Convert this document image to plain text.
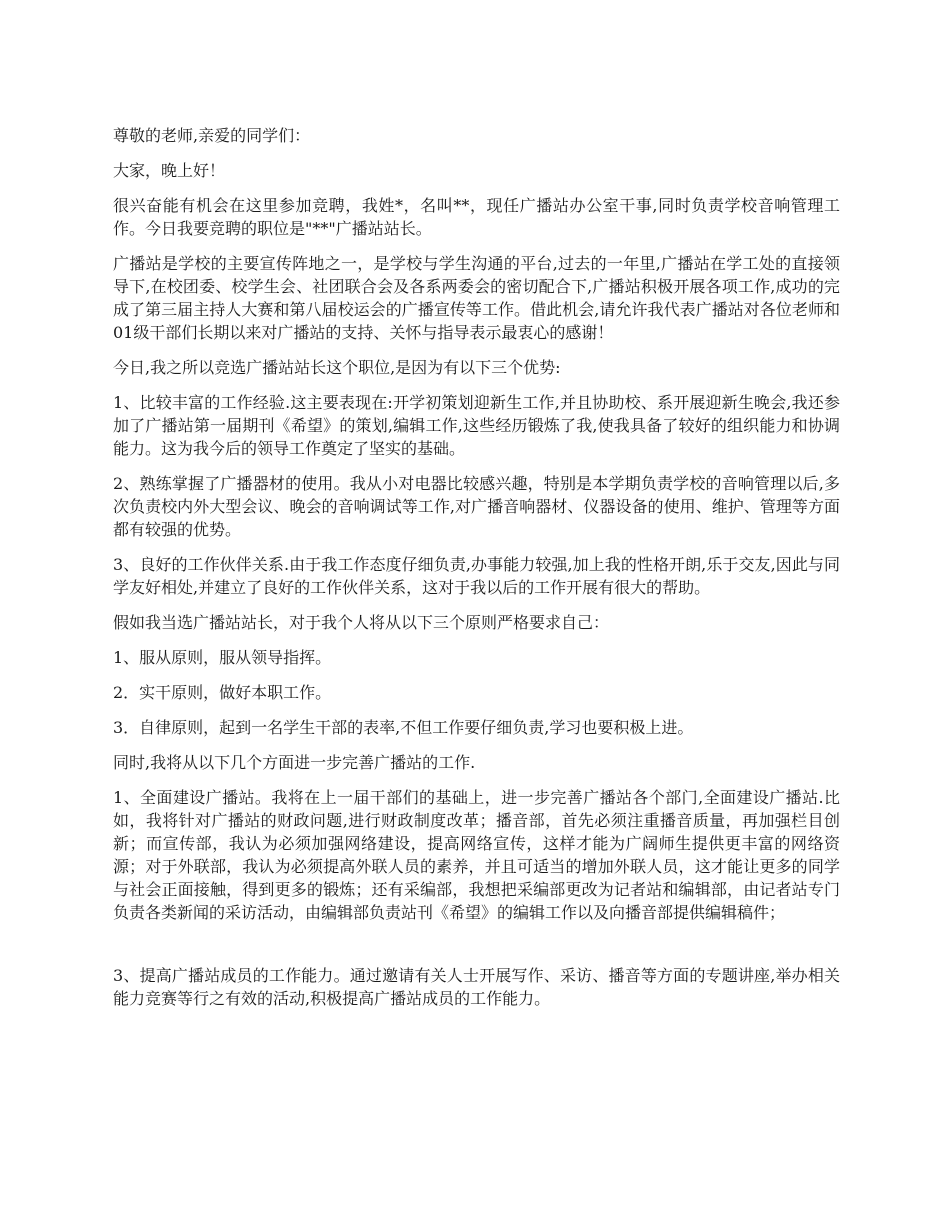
尊敬的老师,亲爱的同学们：

大家，晚上好！

很兴奋能有机会在这里参加竞聘，我姓*，名叫**，现任广播站办公室干事,同时负责学校音响管理工作。今日我要竞聘的职位是"**"广播站站长。

广播站是学校的主要宣传阵地之一，是学校与学生沟通的平台,过去的一年里,广播站在学工处的直接领导下,在校团委、校学生会、社团联合会及各系两委会的密切配合下,广播站积极开展各项工作,成功的完成了第三届主持人大赛和第八届校运会的广播宣传等工作。借此机会,请允许我代表广播站对各位老师和01级干部们长期以来对广播站的支持、关怀与指导表示最衷心的感谢！

今日,我之所以竞选广播站站长这个职位,是因为有以下三个优势:

1、比较丰富的工作经验.这主要表现在:开学初策划迎新生工作,并且协助校、系开展迎新生晚会,我还参加了广播站第一届期刊《希望》的策划,编辑工作,这些经历锻炼了我,使我具备了较好的组织能力和协调能力。这为我今后的领导工作奠定了坚实的基础。

2、熟练掌握了广播器材的使用。我从小对电器比较感兴趣，特别是本学期负责学校的音响管理以后,多次负责校内外大型会议、晚会的音响调试等工作,对广播音响器材、仪器设备的使用、维护、管理等方面都有较强的优势。

3、良好的工作伙伴关系.由于我工作态度仔细负责,办事能力较强,加上我的性格开朗,乐于交友,因此与同学友好相处,并建立了良好的工作伙伴关系，这对于我以后的工作开展有很大的帮助。

假如我当选广播站站长，对于我个人将从以下三个原则严格要求自己：

1、服从原则，服从领导指挥。

2．实干原则，做好本职工作。

3．自律原则，起到一名学生干部的表率,不但工作要仔细负责,学习也要积极上进。

同时,我将从以下几个方面进一步完善广播站的工作.

1、全面建设广播站。我将在上一届干部们的基础上，进一步完善广播站各个部门,全面建设广播站.比如，我将针对广播站的财政问题,进行财政制度改革；播音部，首先必须注重播音质量，再加强栏目创新；而宣传部，我认为必须加强网络建设，提高网络宣传，这样才能为广阔师生提供更丰富的网络资源；对于外联部，我认为必须提高外联人员的素养，并且可适当的增加外联人员，这才能让更多的同学与社会正面接触，得到更多的锻炼；还有采编部，我想把采编部更改为记者站和编辑部，由记者站专门负责各类新闻的采访活动，由编辑部负责站刊《希望》的编辑工作以及向播音部提供编辑稿件；

3、提高广播站成员的工作能力。通过邀请有关人士开展写作、采访、播音等方面的专题讲座,举办相关能力竞赛等行之有效的活动,积极提高广播站成员的工作能力。
